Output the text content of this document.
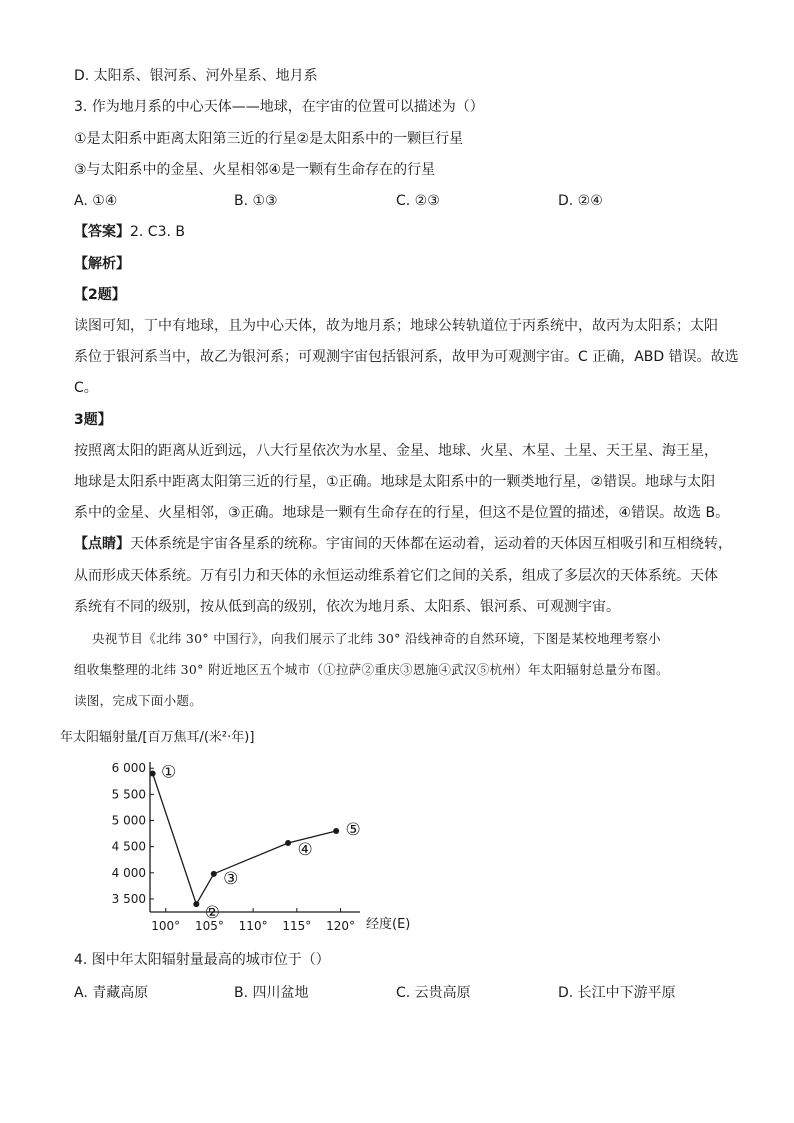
D. 太阳系、银河系、河外星系、地月系
3. 作为地月系的中心天体——地球，在宇宙的位置可以描述为（）
①是太阳系中距离太阳第三近的行星②是太阳系中的一颗巨行星
③与太阳系中的金星、火星相邻④是一颗有生命存在的行星
A. ①④	B. ①③	C. ②③	D. ②④
【答案】2. C3. B
【解析】
【2题】
读图可知，丁中有地球，且为中心天体，故为地月系；地球公转轨道位于丙系统中，故丙为太阳系；太阳
系位于银河系当中，故乙为银河系；可观测宇宙包括银河系，故甲为可观测宇宙。C 正确，ABD 错误。故选
C。
3题】
按照离太阳的距离从近到远，八大行星依次为水星、金星、地球、火星、木星、土星、天王星、海王星，
地球是太阳系中距离太阳第三近的行星，①正确。地球是太阳系中的一颗类地行星，②错误。地球与太阳
系中的金星、火星相邻，③正确。地球是一颗有生命存在的行星，但这不是位置的描述，④错误。故选 B。
【点睛】天体系统是宇宙各星系的统称。宇宙间的天体都在运动着，运动着的天体因互相吸引和互相绕转，
从而形成天体系统。万有引力和天体的永恒运动维系着它们之间的关系，组成了多层次的天体系统。天体
系统有不同的级别，按从低到高的级别，依次为地月系、太阳系、银河系、可观测宇宙。
央视节目《北纬 30° 中国行》，向我们展示了北纬 30° 沿线神奇的自然环境，下图是某校地理考察小
组收集整理的北纬 30° 附近地区五个城市（①拉萨②重庆③恩施④武汉⑤杭州）年太阳辐射总量分布图。
读图，完成下面小题。
年太阳辐射量/[百万焦耳/(米²·年)]
3 500
4 000
4 500
5 000
5 500
6 000
100° 105° 110° 115° 120° 经度(E)
①
②
③
④
⑤
4. 图中年太阳辐射量最高的城市位于（）
A. 青藏高原	B. 四川盆地	C. 云贵高原	D. 长江中下游平原
